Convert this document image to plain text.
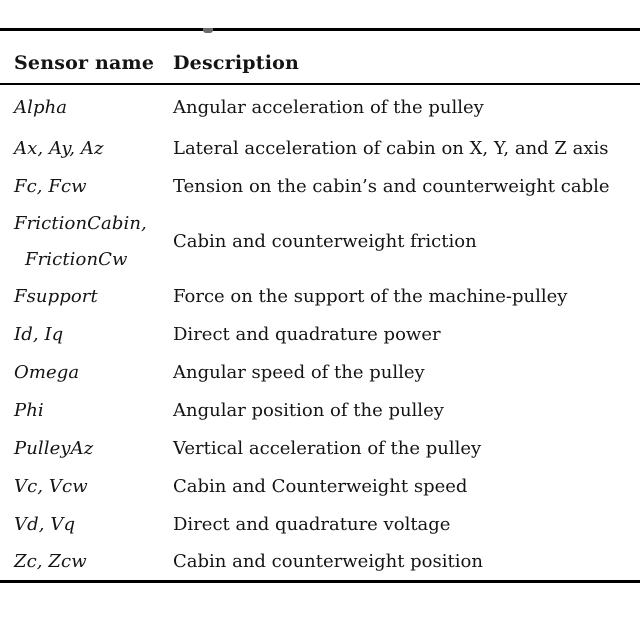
Sensor name	Description
Alpha	Angular acceleration of the pulley
Ax, Ay, Az	Lateral acceleration of cabin on X, Y, and Z axis
Fc, Fcw	Tension on the cabin’s and counterweight cable
FrictionCabin,
FrictionCw	Cabin and counterweight friction
Fsupport	Force on the support of the machine-pulley
Id, Iq	Direct and quadrature power
Omega	Angular speed of the pulley
Phi	Angular position of the pulley
PulleyAz	Vertical acceleration of the pulley
Vc, Vcw	Cabin and Counterweight speed
Vd, Vq	Direct and quadrature voltage
Zc, Zcw	Cabin and counterweight position
